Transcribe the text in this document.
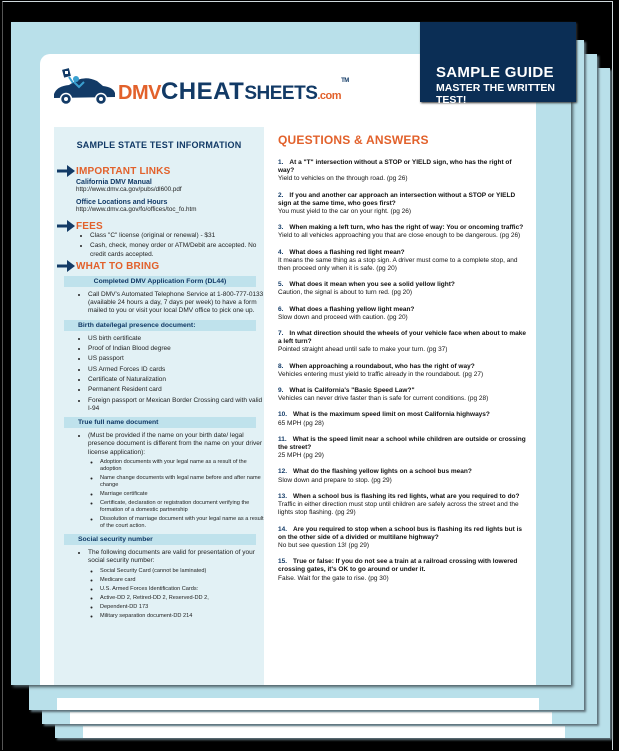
DMVCHEATSHEETS.com™	SAMPLE GUIDE
MASTER THE WRITTEN TEST!
SAMPLE STATE TEST INFORMATION
IMPORTANT LINKS
California DMV Manual
http://www.dmv.ca.gov/pubs/dl600.pdf
Office Locations and Hours
http://www.dmv.ca.gov/fo/offices/toc_fo.htm
FEES
• Class "C" license (original or renewal) - $31
• Cash, check, money order or ATM/Debit are accepted. No credit cards accepted.
WHAT TO BRING
Completed DMV Application Form (DL44)
• Call DMV's Automated Telephone Service at 1-800-777-0133 (available 24 hours a day, 7 days per week) to have a form mailed to you or visit your local DMV office to pick one up.
Birth date/legal presence document:
• US birth certificate
• Proof of Indian Blood degree
• US passport
• US Armed Forces ID cards
• Certificate of Naturalization
• Permanent Resident card
• Foreign passport or Mexican Border Crossing card with valid I-94
True full name document
• (Must be provided if the name on your birth date/ legal presence document is different from the name on your driver license application):
◦ Adoption documents with your legal name as a result of the adoption
◦ Name change documents with legal name before and after name change
◦ Marriage certificate
◦ Certificate, declaration or registration document verifying the formation of a domestic partnership
◦ Dissolution of marriage document with your legal name as a result of the court action.
Social security number
• The following documents are valid for presentation of your social security number:
◦ Social Security Card (cannot be laminated)
◦ Medicare card
◦ U.S. Armed Forces Identification Cards:
◦ Active-DD 2, Retired-DD 2, Reserved-DD 2,
◦ Dependent-DD 173
◦ Military separation document-DD 214
QUESTIONS & ANSWERS
1. At a "T" intersection without a STOP or YIELD sign, who has the right of way?
Yield to vehicles on the through road. (pg 26)
2. If you and another car approach an intersection without a STOP or YIELD sign at the same time, who goes first?
You must yield to the car on your right. (pg 26)
3. When making a left turn, who has the right of way: You or oncoming traffic?
Yield to all vehicles approaching you that are close enough to be dangerous. (pg 26)
4. What does a flashing red light mean?
It means the same thing as a stop sign. A driver must come to a complete stop, and then proceed only when it is safe. (pg 20)
5. What does it mean when you see a solid yellow light?
Caution, the signal is about to turn red. (pg 20)
6. What does a flashing yellow light mean?
Slow down and proceed with caution. (pg 20)
7. In what direction should the wheels of your vehicle face when about to make a left turn?
Pointed straight ahead until safe to make your turn. (pg 37)
8. When approaching a roundabout, who has the right of way?
Vehicles entering must yield to traffic already in the roundabout. (pg 27)
9. What is California's "Basic Speed Law?"
Vehicles can never drive faster than is safe for current conditions. (pg 28)
10. What is the maximum speed limit on most California highways?
65 MPH (pg 28)
11. What is the speed limit near a school while children are outside or crossing the street?
25 MPH (pg 29)
12. What do the flashing yellow lights on a school bus mean?
Slow down and prepare to stop. (pg 29)
13. When a school bus is flashing its red lights, what are you required to do?
Traffic in either direction must stop until children are safely across the street and the lights stop flashing. (pg 29)
14. Are you required to stop when a school bus is flashing its red lights but is on the other side of a divided or multilane highway?
No but see question 13! (pg 29)
15. True or false: If you do not see a train at a railroad crossing with lowered crossing gates, it's OK to go around or under it.
False. Wait for the gate to rise. (pg 30)
